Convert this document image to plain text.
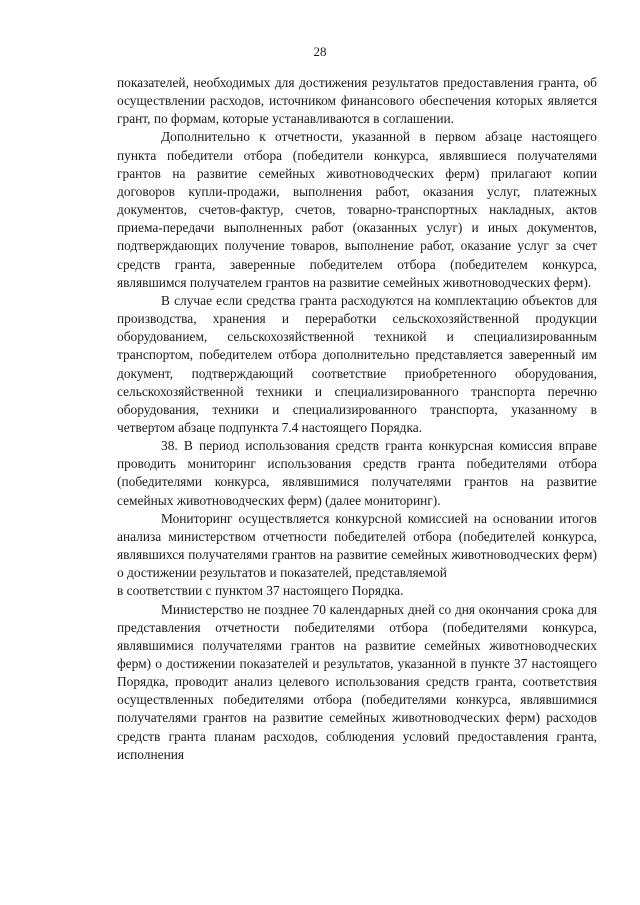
28

показателей, необходимых для достижения результатов предоставления гранта, об осуществлении расходов, источником финансового обеспечения которых является грант, по формам, которые устанавливаются в соглашении.

Дополнительно к отчетности, указанной в первом абзаце настоящего пункта победители отбора (победители конкурса, являвшиеся получателями грантов на развитие семейных животноводческих ферм) прилагают копии договоров купли-продажи, выполнения работ, оказания услуг, платежных документов, счетов-фактур, счетов, товарно-транспортных накладных, актов приема-передачи выполненных работ (оказанных услуг) и иных документов, подтверждающих получение товаров, выполнение работ, оказание услуг за счет средств гранта, заверенные победителем отбора (победителем конкурса, являвшимся получателем грантов на развитие семейных животноводческих ферм).

В случае если средства гранта расходуются на комплектацию объектов для производства, хранения и переработки сельскохозяйственной продукции оборудованием, сельскохозяйственной техникой и специализированным транспортом, победителем отбора дополнительно представляется заверенный им документ, подтверждающий соответствие приобретенного оборудования, сельскохозяйственной техники и специализированного транспорта перечню оборудования, техники и специализированного транспорта, указанному в четвертом абзаце подпункта 7.4 настоящего Порядка.

38. В период использования средств гранта конкурсная комиссия вправе проводить мониторинг использования средств гранта победителями отбора (победителями конкурса, являвшимися получателями грантов на развитие семейных животноводческих ферм) (далее мониторинг).

Мониторинг осуществляется конкурсной комиссией на основании итогов анализа министерством отчетности победителей отбора (победителей конкурса, являвшихся получателями грантов на развитие семейных животноводческих ферм) о достижении результатов и показателей, представляемой

в соответствии с пунктом 37 настоящего Порядка.

Министерство не позднее 70 календарных дней со дня окончания срока для представления отчетности победителями отбора (победителями конкурса, являвшимися получателями грантов на развитие семейных животноводческих ферм) о достижении показателей и результатов, указанной в пункте 37 настоящего Порядка, проводит анализ целевого использования средств гранта, соответствия осуществленных победителями отбора (победителями конкурса, являвшимися получателями грантов на развитие семейных животноводческих ферм) расходов средств гранта планам расходов, соблюдения условий предоставления гранта, исполнения
